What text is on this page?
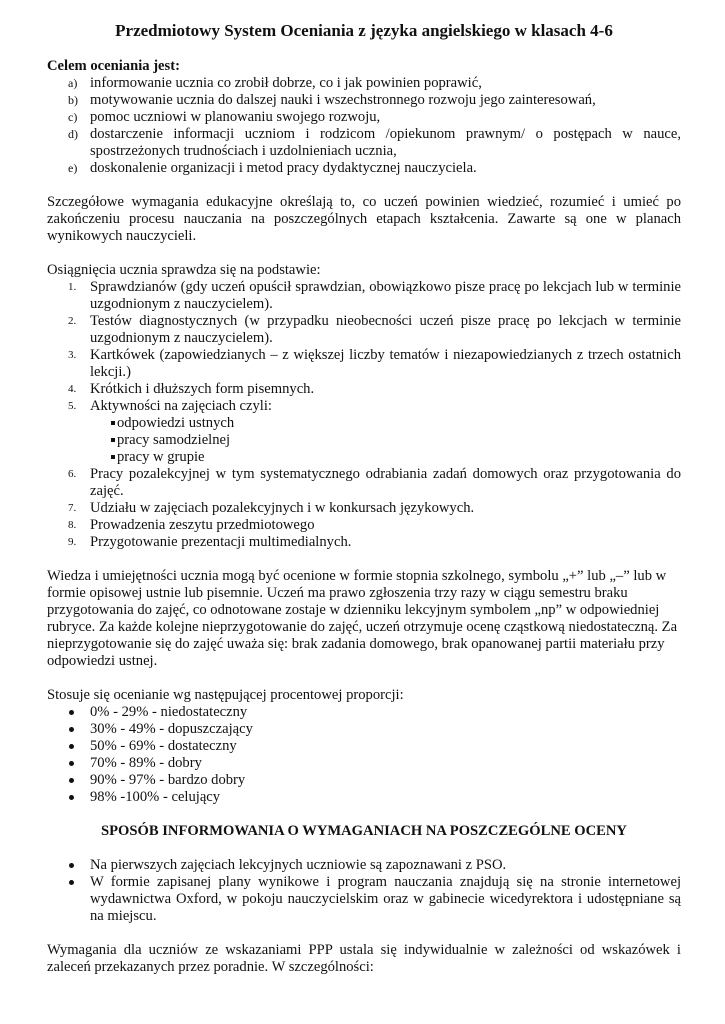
Przedmiotowy System Oceniania z języka angielskiego w klasach 4-6

Celem oceniania jest:

a) informowanie ucznia co zrobił dobrze, co i jak powinien poprawić,
b) motywowanie ucznia do dalszej nauki i wszechstronnego rozwoju jego zainteresowań,
c) pomoc uczniowi w planowaniu swojego rozwoju,
d) dostarczenie informacji uczniom i rodzicom /opiekunom prawnym/ o postępach w nauce, spostrzeżonych trudnościach i uzdolnieniach ucznia,
e) doskonalenie organizacji i metod pracy dydaktycznej nauczyciela.

Szczegółowe wymagania edukacyjne określają to, co uczeń powinien wiedzieć, rozumieć i umieć po zakończeniu procesu nauczania na poszczególnych etapach kształcenia. Zawarte są one w planach wynikowych nauczycieli.

Osiągnięcia ucznia sprawdza się na podstawie:

1. Sprawdzianów (gdy uczeń opuścił sprawdzian, obowiązkowo pisze pracę po lekcjach lub w terminie uzgodnionym z nauczycielem).
2. Testów diagnostycznych (w przypadku nieobecności uczeń pisze pracę po lekcjach w terminie uzgodnionym z nauczycielem).
3. Kartkówek (zapowiedzianych – z większej liczby tematów i niezapowiedzianych z trzech ostatnich lekcji.)
4. Krótkich i dłuższych form pisemnych.
5. Aktywności na zajęciach czyli:
odpowiedzi ustnych
pracy samodzielnej
pracy w grupie
6. Pracy pozalekcyjnej w tym systematycznego odrabiania zadań domowych oraz przygotowania do zajęć.
7. Udziału w zajęciach pozalekcyjnych i w konkursach językowych.
8. Prowadzenia zeszytu przedmiotowego
9. Przygotowanie prezentacji multimedialnych.

Wiedza i umiejętności ucznia mogą być ocenione w formie stopnia szkolnego, symbolu „+” lub „–” lub w formie opisowej ustnie lub pisemnie. Uczeń ma prawo zgłoszenia trzy razy w ciągu semestru braku przygotowania do zajęć, co odnotowane zostaje w dzienniku lekcyjnym symbolem „np” w odpowiedniej rubryce. Za każde kolejne nieprzygotowanie do zajęć, uczeń otrzymuje ocenę cząstkową niedostateczną. Za nieprzygotowanie się do zajęć uważa się: brak zadania domowego, brak opanowanej partii materiału przy odpowiedzi ustnej.

Stosuje się ocenianie wg następującej procentowej proporcji:

0% - 29% - niedostateczny
30% - 49% - dopuszczający
50% - 69% - dostateczny
70% - 89% - dobry
90% - 97% - bardzo dobry
98% -100% - celujący
SPOSÓB INFORMOWANIA O WYMAGANIACH NA POSZCZEGÓLNE OCENY
Na pierwszych zajęciach lekcyjnych uczniowie są zapoznawani z PSO.
W formie zapisanej plany wynikowe i program nauczania znajdują się na stronie internetowej wydawnictwa Oxford, w pokoju nauczycielskim oraz w gabinecie wicedyrektora i udostępniane są na miejscu.

Wymagania dla uczniów ze wskazaniami PPP ustala się indywidualnie w zależności od wskazówek i zaleceń przekazanych przez poradnie. W szczególności:
